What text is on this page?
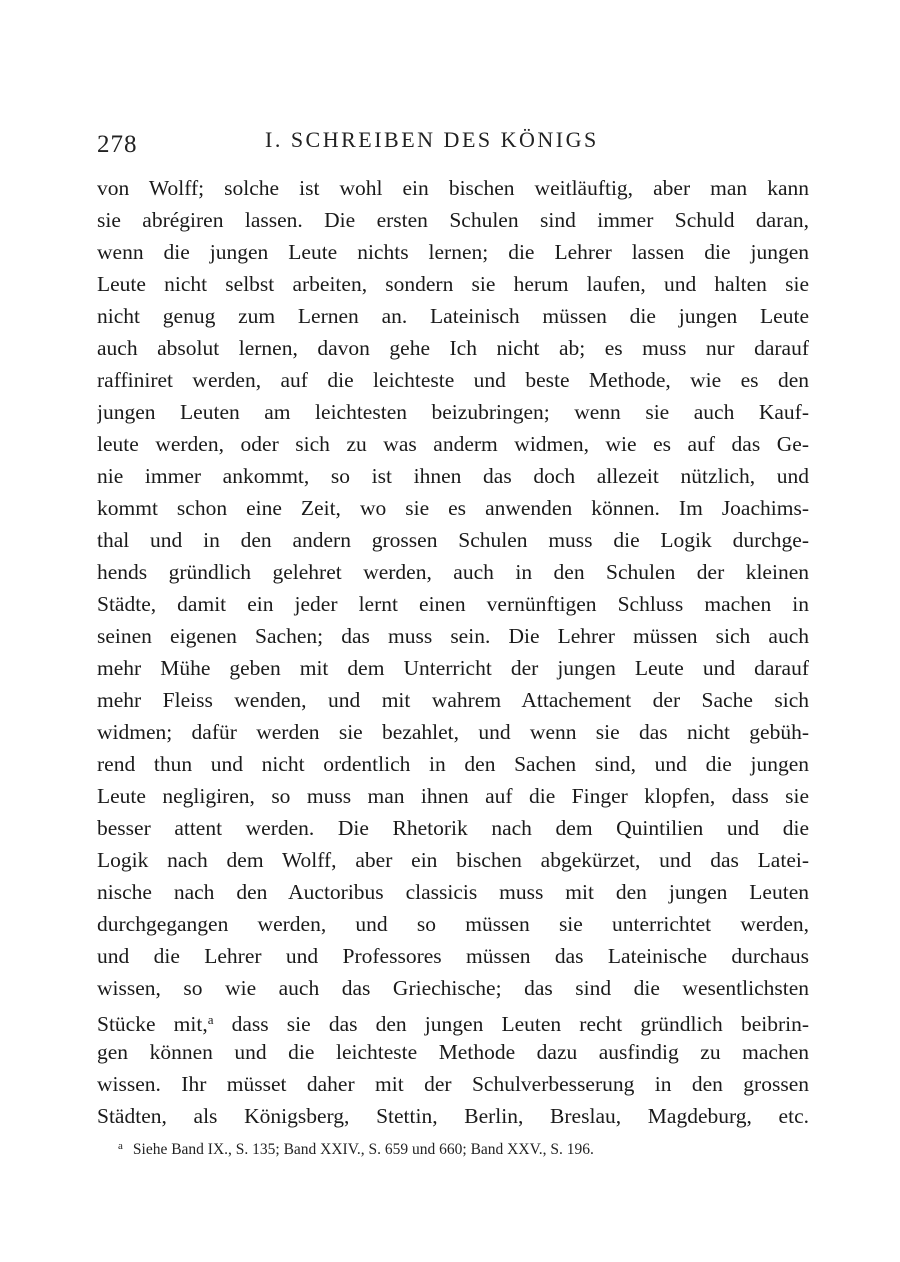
278	I. SCHREIBEN DES KÖNIGS
von Wolff; solche ist wohl ein bischen weitläuftig, aber man kann
sie abrégiren lassen. Die ersten Schulen sind immer Schuld daran,
wenn die jungen Leute nichts lernen; die Lehrer lassen die jungen
Leute nicht selbst arbeiten, sondern sie herum laufen, und halten sie
nicht genug zum Lernen an. Lateinisch müssen die jungen Leute
auch absolut lernen, davon gehe Ich nicht ab; es muss nur darauf
raffiniret werden, auf die leichteste und beste Methode, wie es den
jungen Leuten am leichtesten beizubringen; wenn sie auch Kauf-
leute werden, oder sich zu was anderm widmen, wie es auf das Ge-
nie immer ankommt, so ist ihnen das doch allezeit nützlich, und
kommt schon eine Zeit, wo sie es anwenden können. Im Joachims-
thal und in den andern grossen Schulen muss die Logik durchge-
hends gründlich gelehret werden, auch in den Schulen der kleinen
Städte, damit ein jeder lernt einen vernünftigen Schluss machen in
seinen eigenen Sachen; das muss sein. Die Lehrer müssen sich auch
mehr Mühe geben mit dem Unterricht der jungen Leute und darauf
mehr Fleiss wenden, und mit wahrem Attachement der Sache sich
widmen; dafür werden sie bezahlet, und wenn sie das nicht gebüh-
rend thun und nicht ordentlich in den Sachen sind, und die jungen
Leute negligiren, so muss man ihnen auf die Finger klopfen, dass sie
besser attent werden. Die Rhetorik nach dem Quintilien und die
Logik nach dem Wolff, aber ein bischen abgekürzet, und das Latei-
nische nach den Auctoribus classicis muss mit den jungen Leuten
durchgegangen werden, und so müssen sie unterrichtet werden,
und die Lehrer und Professores müssen das Lateinische durchaus
wissen, so wie auch das Griechische; das sind die wesentlichsten
Stücke mit,$^a$ dass sie das den jungen Leuten recht gründlich beibrin-
gen können und die leichteste Methode dazu ausfindig zu machen
wissen. Ihr müsset daher mit der Schulverbesserung in den grossen
Städten, als Königsberg, Stettin, Berlin, Breslau, Magdeburg, etc.
$^a$ Siehe Band IX., S. 135; Band XXIV., S. 659 und 660; Band XXV., S. 196.
